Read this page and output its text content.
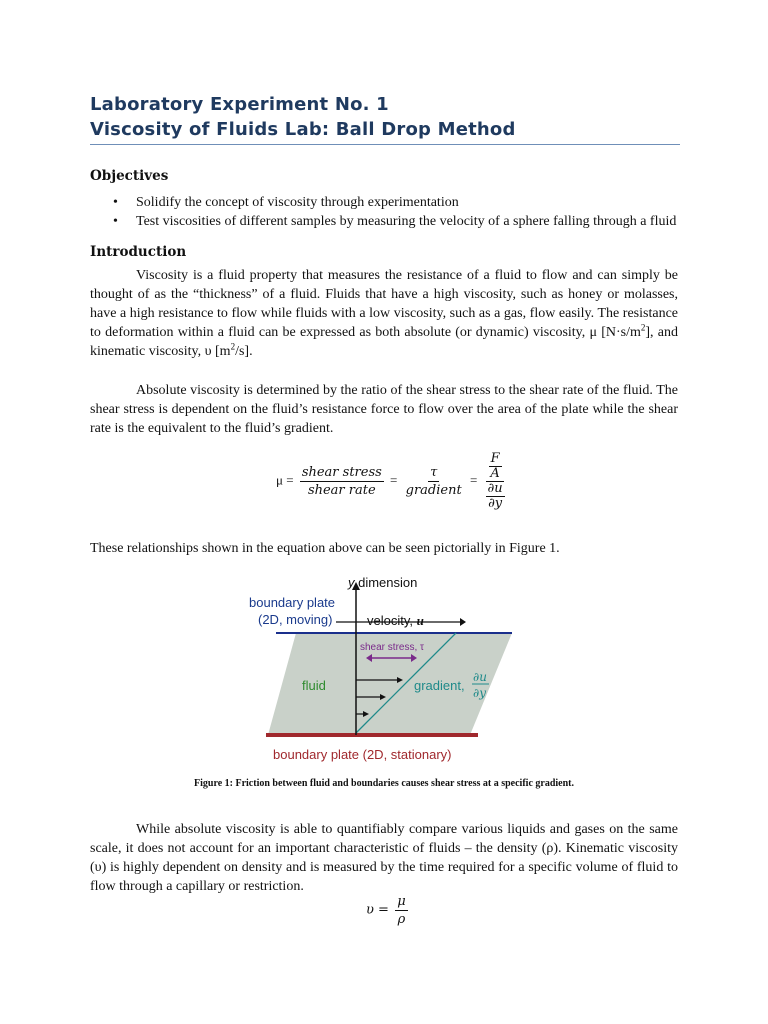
Laboratory Experiment No. 1
Viscosity of Fluids Lab: Ball Drop Method
Objectives
• Solidify the concept of viscosity through experimentation
• Test viscosities of different samples by measuring the velocity of a sphere falling through a fluid
Introduction
Viscosity is a fluid property that measures the resistance of a fluid to flow and can simply be thought of as the “thickness” of a fluid. Fluids that have a high viscosity, such as honey or molasses, have a high resistance to flow while fluids with a low viscosity, such as a gas, flow easily. The resistance to deformation within a fluid can be expressed as both absolute (or dynamic) viscosity, μ $[N\cdot s/m^2]$, and kinematic viscosity, υ $[m^2/s]$.
Absolute viscosity is determined by the ratio of the shear stress to the shear rate of the fluid. The shear stress is dependent on the fluid’s resistance force to flow over the area of the plate while the shear rate is the equivalent to the fluid’s gradient.
$\mu = \frac{\text{shear stress}}{\text{shear rate}} = \frac{\tau}{\text{gradient}} = \frac{\frac{F}{A}}{\frac{\partial u}{\partial y}}$
These relationships shown in the equation above can be seen pictorially in Figure 1.
y dimension
boundary plate
(2D, moving)	velocity, u
shear stress, τ
fluid	gradient,
∂u
∂y
boundary plate (2D, stationary)
Figure 1: Friction between fluid and boundaries causes shear stress at a specific gradient.
While absolute viscosity is able to quantifiably compare various liquids and gases on the same scale, it does not account for an important characteristic of fluids – the density (ρ). Kinematic viscosity (υ) is highly dependent on density and is measured by the time required for a specific volume of fluid to flow through a capillary or restriction.
$\upsilon = \frac{\mu}{\rho}$
